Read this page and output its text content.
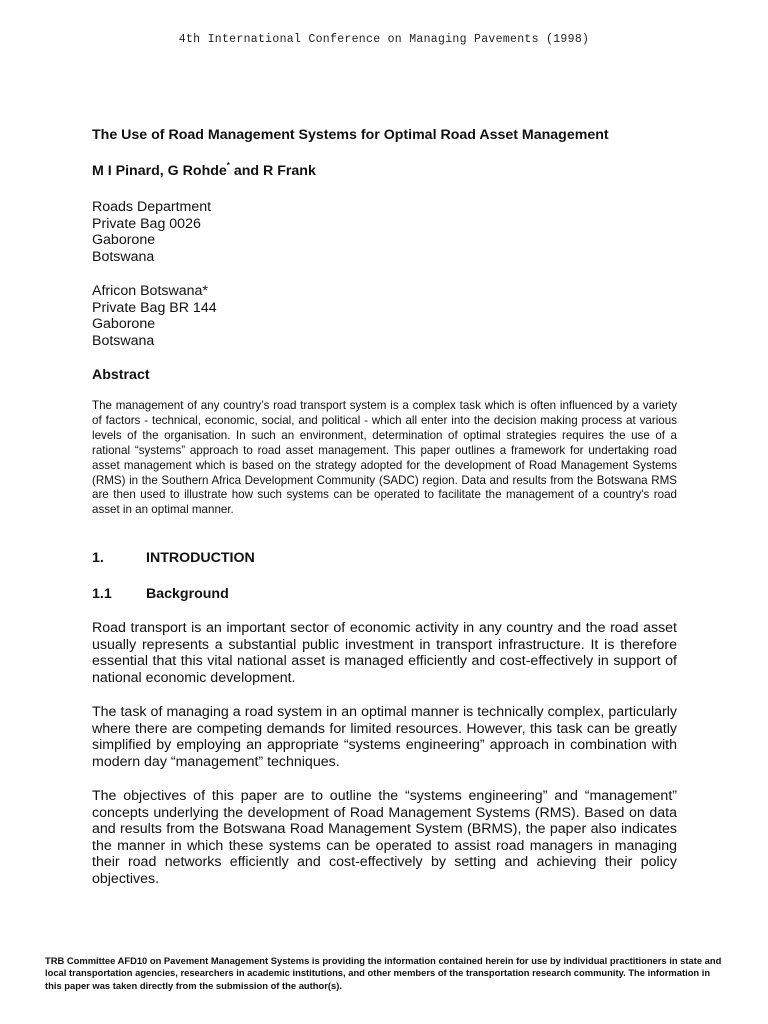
4th International Conference on Managing Pavements (1998)
The Use of Road Management Systems for Optimal Road Asset Management
M I Pinard, G Rohde* and R Frank
Roads Department
Private Bag 0026
Gaborone
Botswana
Africon Botswana*
Private Bag BR 144
Gaborone
Botswana
Abstract
The management of any country’s road transport system is a complex task which is often influenced by a variety of factors - technical, economic, social, and political - which all enter into the decision making process at various levels of the organisation. In such an environment, determination of optimal strategies requires the use of a rational “systems” approach to road asset management. This paper outlines a framework for undertaking road asset management which is based on the strategy adopted for the development of Road Management Systems (RMS) in the Southern Africa Development Community (SADC) region. Data and results from the Botswana RMS are then used to illustrate how such systems can be operated to facilitate the management of a country's road asset in an optimal manner.
1.	INTRODUCTION
1.1 Background
Road transport is an important sector of economic activity in any country and the road asset usually represents a substantial public investment in transport infrastructure. It is therefore essential that this vital national asset is managed efficiently and cost-effectively in support of national economic development.
The task of managing a road system in an optimal manner is technically complex, particularly where there are competing demands for limited resources. However, this task can be greatly simplified by employing an appropriate “systems engineering” approach in combination with modern day “management” techniques.
The objectives of this paper are to outline the “systems engineering” and “management” concepts underlying the development of Road Management Systems (RMS). Based on data and results from the Botswana Road Management System (BRMS), the paper also indicates the manner in which these systems can be operated to assist road managers in managing their road networks efficiently and cost-effectively by setting and achieving their policy objectives.
TRB Committee AFD10 on Pavement Management Systems is providing the information contained herein for use by individual practitioners in state and local transportation agencies, researchers in academic institutions, and other members of the transportation research community. The information in this paper was taken directly from the submission of the author(s).
